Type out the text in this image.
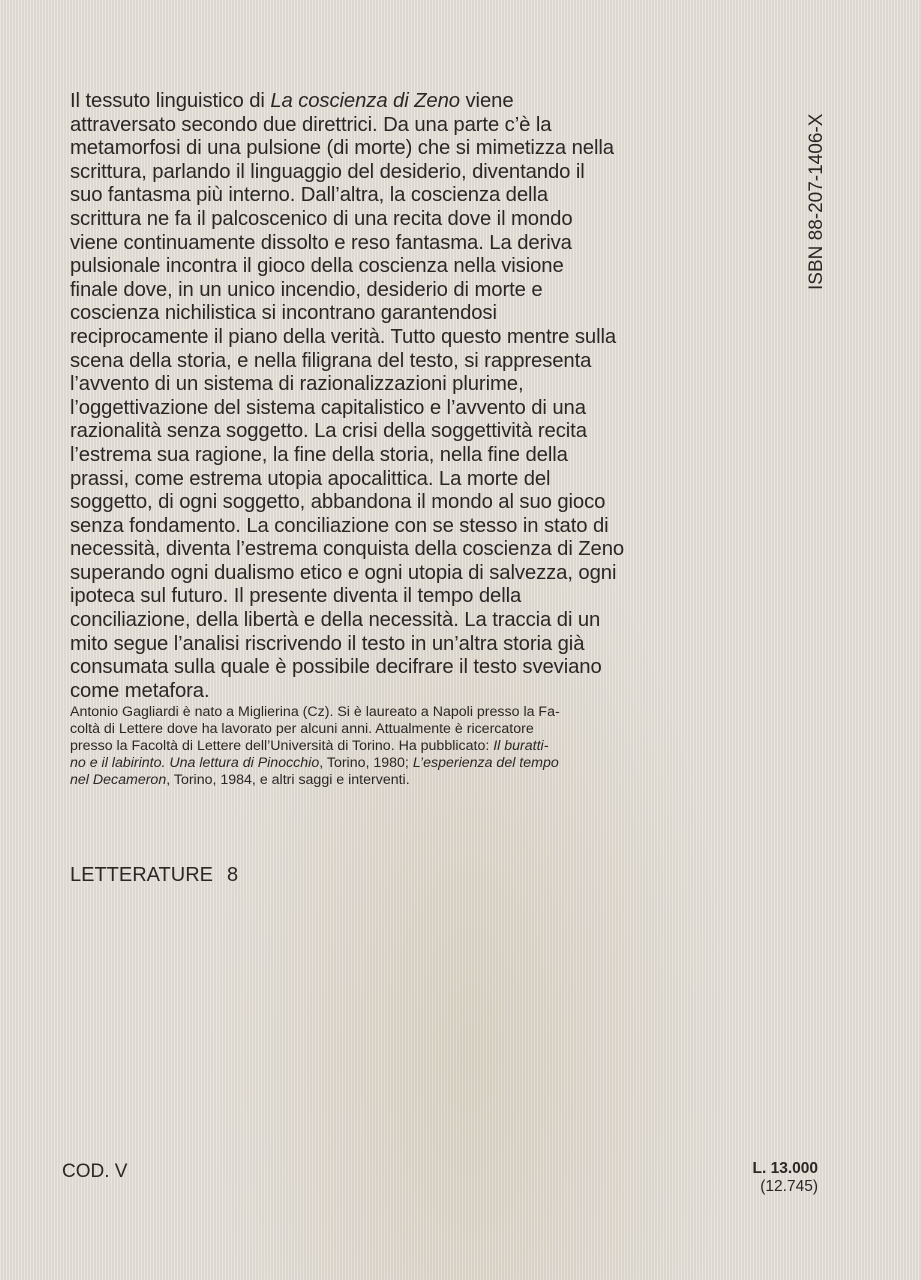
ISBN 88-207-1406-X
Il tessuto linguistico di La coscienza di Zeno viene
attraversato secondo due direttrici. Da una parte c’è la
metamorfosi di una pulsione (di morte) che si mimetizza nella
scrittura, parlando il linguaggio del desiderio, diventando il
suo fantasma più interno. Dall’altra, la coscienza della
scrittura ne fa il palcoscenico di una recita dove il mondo
viene continuamente dissolto e reso fantasma. La deriva
pulsionale incontra il gioco della coscienza nella visione
finale dove, in un unico incendio, desiderio di morte e
coscienza nichilistica si incontrano garantendosi
reciprocamente il piano della verità. Tutto questo mentre sulla
scena della storia, e nella filigrana del testo, si rappresenta
l’avvento di un sistema di razionalizzazioni plurime,
l’oggettivazione del sistema capitalistico e l’avvento di una
razionalità senza soggetto. La crisi della soggettività recita
l’estrema sua ragione, la fine della storia, nella fine della
prassi, come estrema utopia apocalittica. La morte del
soggetto, di ogni soggetto, abbandona il mondo al suo gioco
senza fondamento. La conciliazione con se stesso in stato di
necessità, diventa l’estrema conquista della coscienza di Zeno
superando ogni dualismo etico e ogni utopia di salvezza, ogni
ipoteca sul futuro. Il presente diventa il tempo della
conciliazione, della libertà e della necessità. La traccia di un
mito segue l’analisi riscrivendo il testo in un’altra storia già
consumata sulla quale è possibile decifrare il testo sveviano
come metafora.
Antonio Gagliardi è nato a Miglierina (Cz). Si è laureato a Napoli presso la Fa-
coltà di Lettere dove ha lavorato per alcuni anni. Attualmente è ricercatore
presso la Facoltà di Lettere dell’Università di Torino. Ha pubblicato: Il buratti-
no e il labirinto. Una lettura di Pinocchio, Torino, 1980; L’esperienza del tempo
nel Decameron, Torino, 1984, e altri saggi e interventi.
LETTERATURE 8
COD. V	L. 13.000
(12.745)
